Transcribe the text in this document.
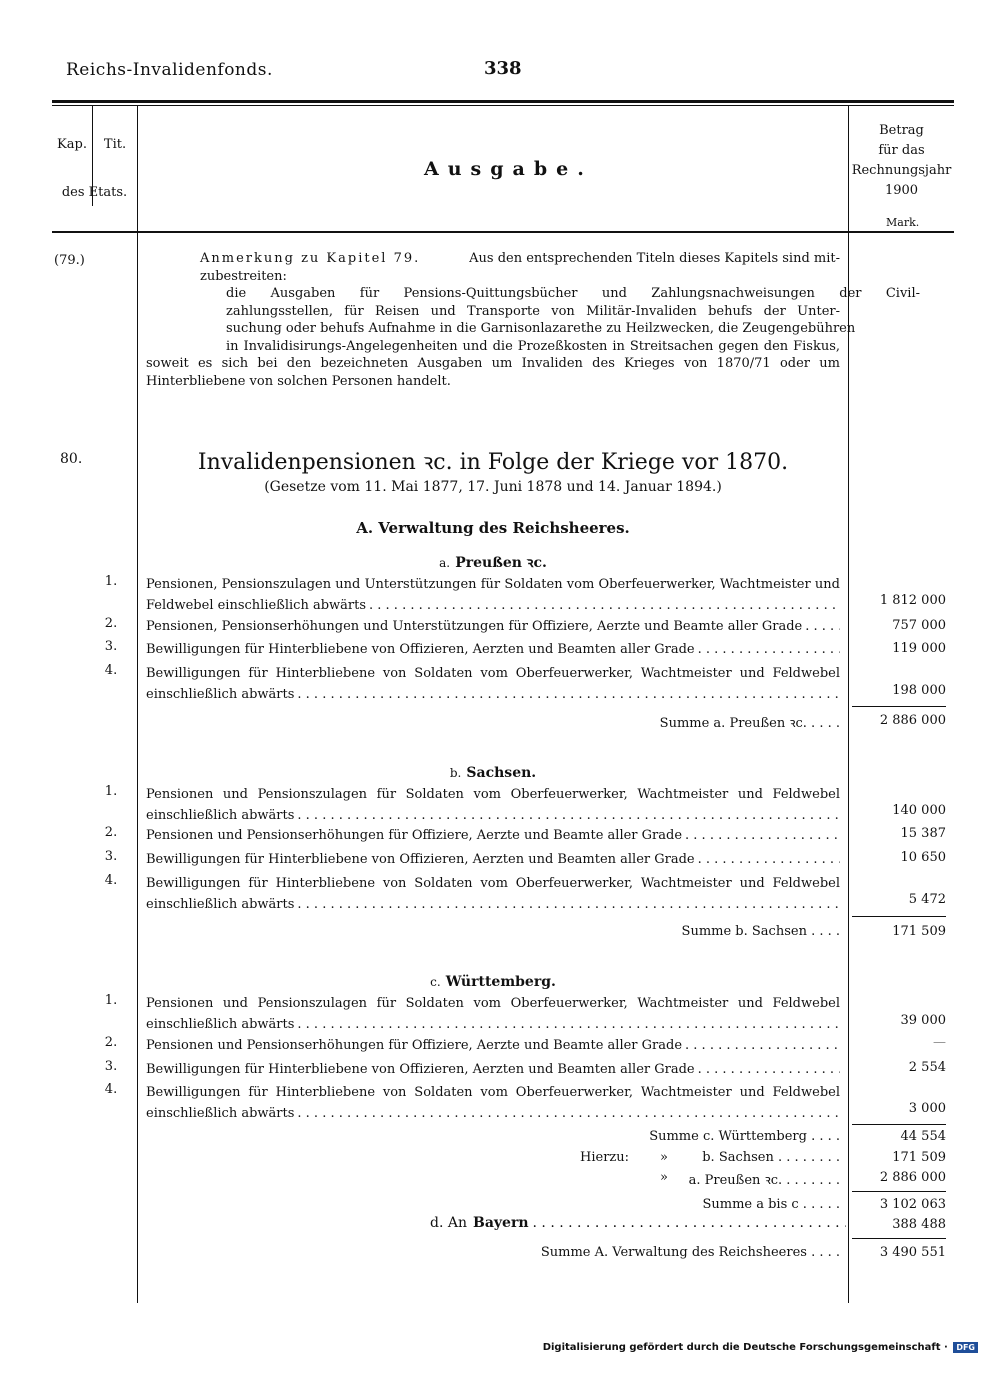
Reichs-Invalidenfonds.	338
Kap.	Tit.
des Etats.
Ausgabe.
Betrag
für das
Rechnungsjahr
1900
Mark.
(79.)	Anmerkung zu Kapitel 79.	Aus den entsprechenden Titeln dieses Kapitels sind mit-
zubestreiten:
die Ausgaben für Pensions-Quittungsbücher und Zahlungsnachweisungen der Civil-
zahlungsstellen, für Reisen und Transporte von Militär-Invaliden behufs der Unter-
suchung oder behufs Aufnahme in die Garnisonlazarethe zu Heilzwecken, die Zeugengebühren
in Invalidisirungs-Angelegenheiten und die Prozeßkosten in Streitsachen gegen den Fiskus,
soweit es sich bei den bezeichneten Ausgaben um Invaliden des Krieges von 1870/71 oder um
Hinterbliebene von solchen Personen handelt.
80.	Invalidenpensionen ꝛc. in Folge der Kriege vor 1870.
(Gesetze vom 11. Mai 1877, 17. Juni 1878 und 14. Januar 1894.)
A. Verwaltung des Reichsheeres.
a. Preußen ꝛc.
1.	Pensionen, Pensionszulagen und Unterstützungen für Soldaten vom Oberfeuerwerker, Wachtmeister und
Feldwebel einschließlich abwärts . . .	1 812 000
2.	Pensionen, Pensionserhöhungen und Unterstützungen für Offiziere, Aerzte und Beamte aller Grade . . .	757 000
3.	Bewilligungen für Hinterbliebene von Offizieren, Aerzten und Beamten aller Grade . . .	119 000
4.	Bewilligungen für Hinterbliebene von Soldaten vom Oberfeuerwerker, Wachtmeister und Feldwebel
einschließlich abwärts . . .	198 000
Summe a. Preußen ꝛc. . . . .	2 886 000
b. Sachsen.
1.	Pensionen und Pensionszulagen für Soldaten vom Oberfeuerwerker, Wachtmeister und Feldwebel
einschließlich abwärts . . .	140 000
2.	Pensionen und Pensionserhöhungen für Offiziere, Aerzte und Beamte aller Grade . . .	15 387
3.	Bewilligungen für Hinterbliebene von Offizieren, Aerzten und Beamten aller Grade . . .	10 650
4.	Bewilligungen für Hinterbliebene von Soldaten vom Oberfeuerwerker, Wachtmeister und Feldwebel
einschließlich abwärts . . .	5 472
Summe b. Sachsen . . . .	171 509
c. Württemberg.
1.	Pensionen und Pensionszulagen für Soldaten vom Oberfeuerwerker, Wachtmeister und Feldwebel
einschließlich abwärts . . .	39 000
2.	Pensionen und Pensionserhöhungen für Offiziere, Aerzte und Beamte aller Grade . . .	—
3.	Bewilligungen für Hinterbliebene von Offizieren, Aerzten und Beamten aller Grade . . .	2 554
4.	Bewilligungen für Hinterbliebene von Soldaten vom Oberfeuerwerker, Wachtmeister und Feldwebel
einschließlich abwärts . . .	3 000
Summe c. Württemberg . . . .	44 554
Hierzu: »	b. Sachsen . . . . . . . .	171 509
» a. Preußen ꝛc. . . . . . . .	2 886 000
Summe a bis c . . . . .	3 102 063
d. An Bayern . . .	388 488
Summe A. Verwaltung des Reichsheeres . . . .	3 490 551
Digitalisierung gefördert durch die Deutsche Forschungsgemeinschaft · DFG
